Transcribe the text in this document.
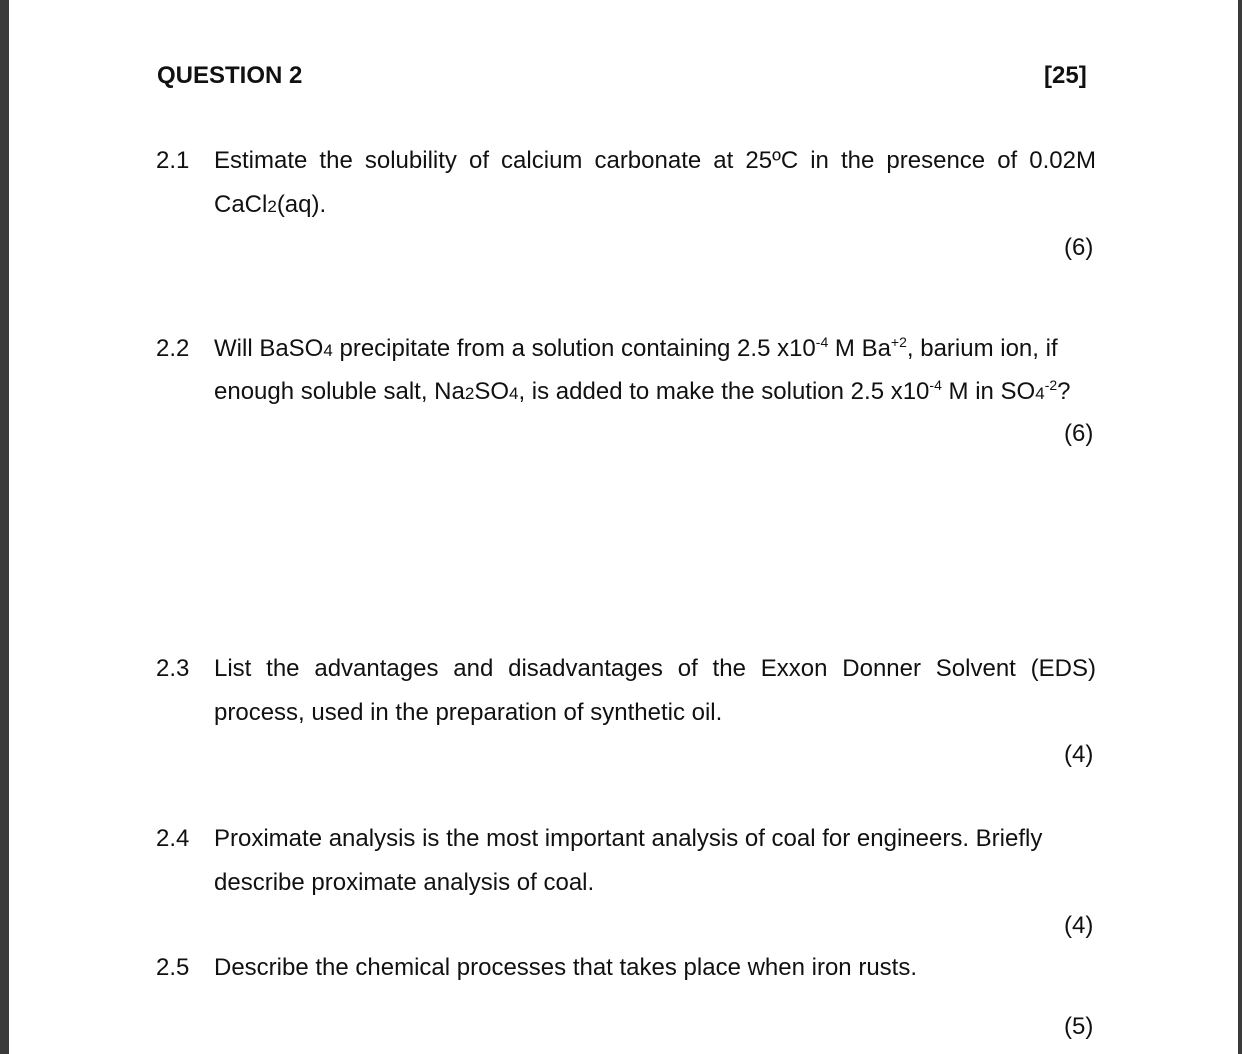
QUESTION 2	[25]
2.1 Estimate the solubility of calcium carbonate at 25ºC in the presence of 0.02M
CaCl2(aq).
(6)
2.2 Will BaSO4 precipitate from a solution containing 2.5 $x10^{-4}$ M $Ba^{+2}$, barium ion, if
enough soluble salt, Na2SO4, is added to make the solution 2.5 $x10^{-4}$ M in $SO4^{-2}$?
(6)
2.3 List the advantages and disadvantages of the Exxon Donner Solvent (EDS)
process, used in the preparation of synthetic oil.
(4)
2.4 Proximate analysis is the most important analysis of coal for engineers. Briefly
describe proximate analysis of coal.
(4)
2.5 Describe the chemical processes that takes place when iron rusts.
(5)
